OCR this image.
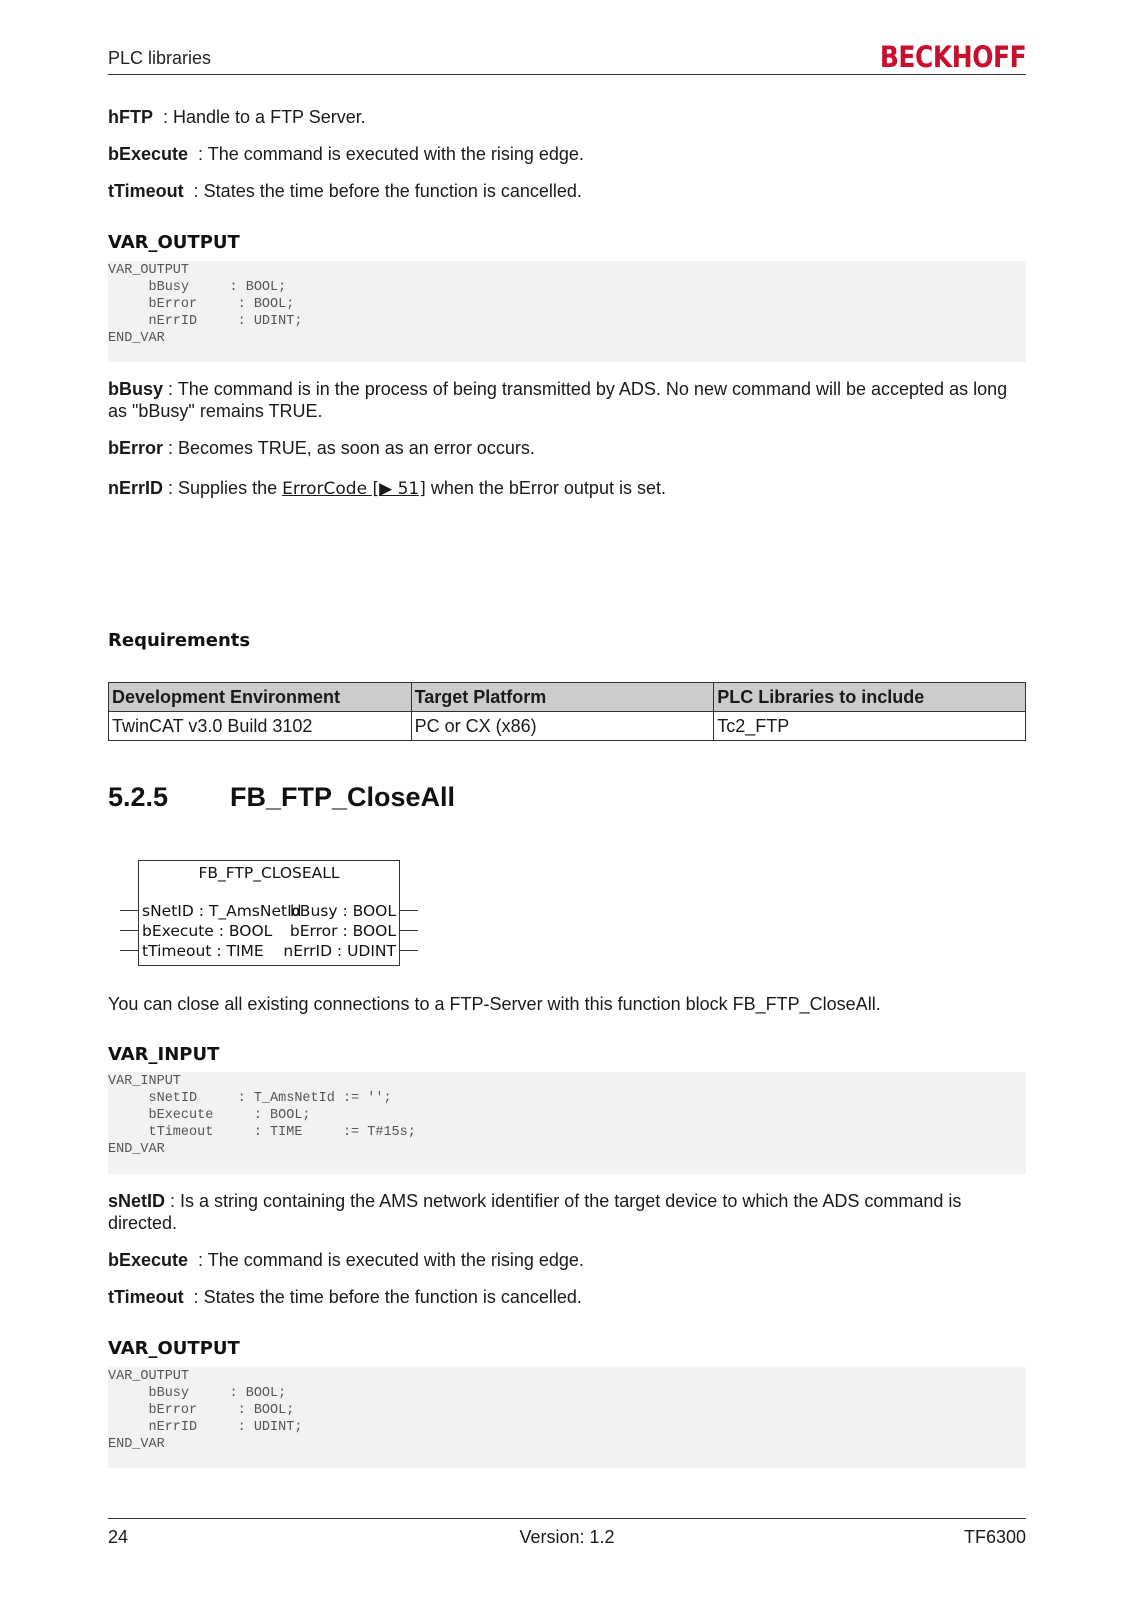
PLC libraries	BECKHOFF
hFTP  : Handle to a FTP Server.
bExecute  : The command is executed with the rising edge.
tTimeout  : States the time before the function is cancelled.
VAR_OUTPUT
VAR_OUTPUT
bBusy     : BOOL;
bError     : BOOL;
nErrID     : UDINT;
END_VAR
bBusy : The command is in the process of being transmitted by ADS. No new command will be accepted as long as "bBusy" remains TRUE.
bError : Becomes TRUE, as soon as an error occurs.
nErrID : Supplies the ErrorCode [▶ 51] when the bError output is set.
Requirements
Development Environment	Target Platform	PLC Libraries to include
TwinCAT v3.0 Build 3102	PC or CX (x86)	Tc2_FTP
5.2.5 FB_FTP_CloseAll
FB_FTP_CLOSEALL
sNetID : T_AmsNetId
bExecute : BOOL
tTimeout : TIME
bBusy : BOOL
bError : BOOL
nErrID : UDINT
You can close all existing connections to a FTP-Server with this function block FB_FTP_CloseAll.
VAR_INPUT
VAR_INPUT
sNetID     : T_AmsNetId := '';
bExecute     : BOOL;
tTimeout     : TIME     := T#15s;
END_VAR
sNetID : Is a string containing the AMS network identifier of the target device to which the ADS command is directed.
bExecute  : The command is executed with the rising edge.
tTimeout  : States the time before the function is cancelled.
VAR_OUTPUT
VAR_OUTPUT
bBusy     : BOOL;
bError     : BOOL;
nErrID     : UDINT;
END_VAR
24	Version: 1.2	TF6300
